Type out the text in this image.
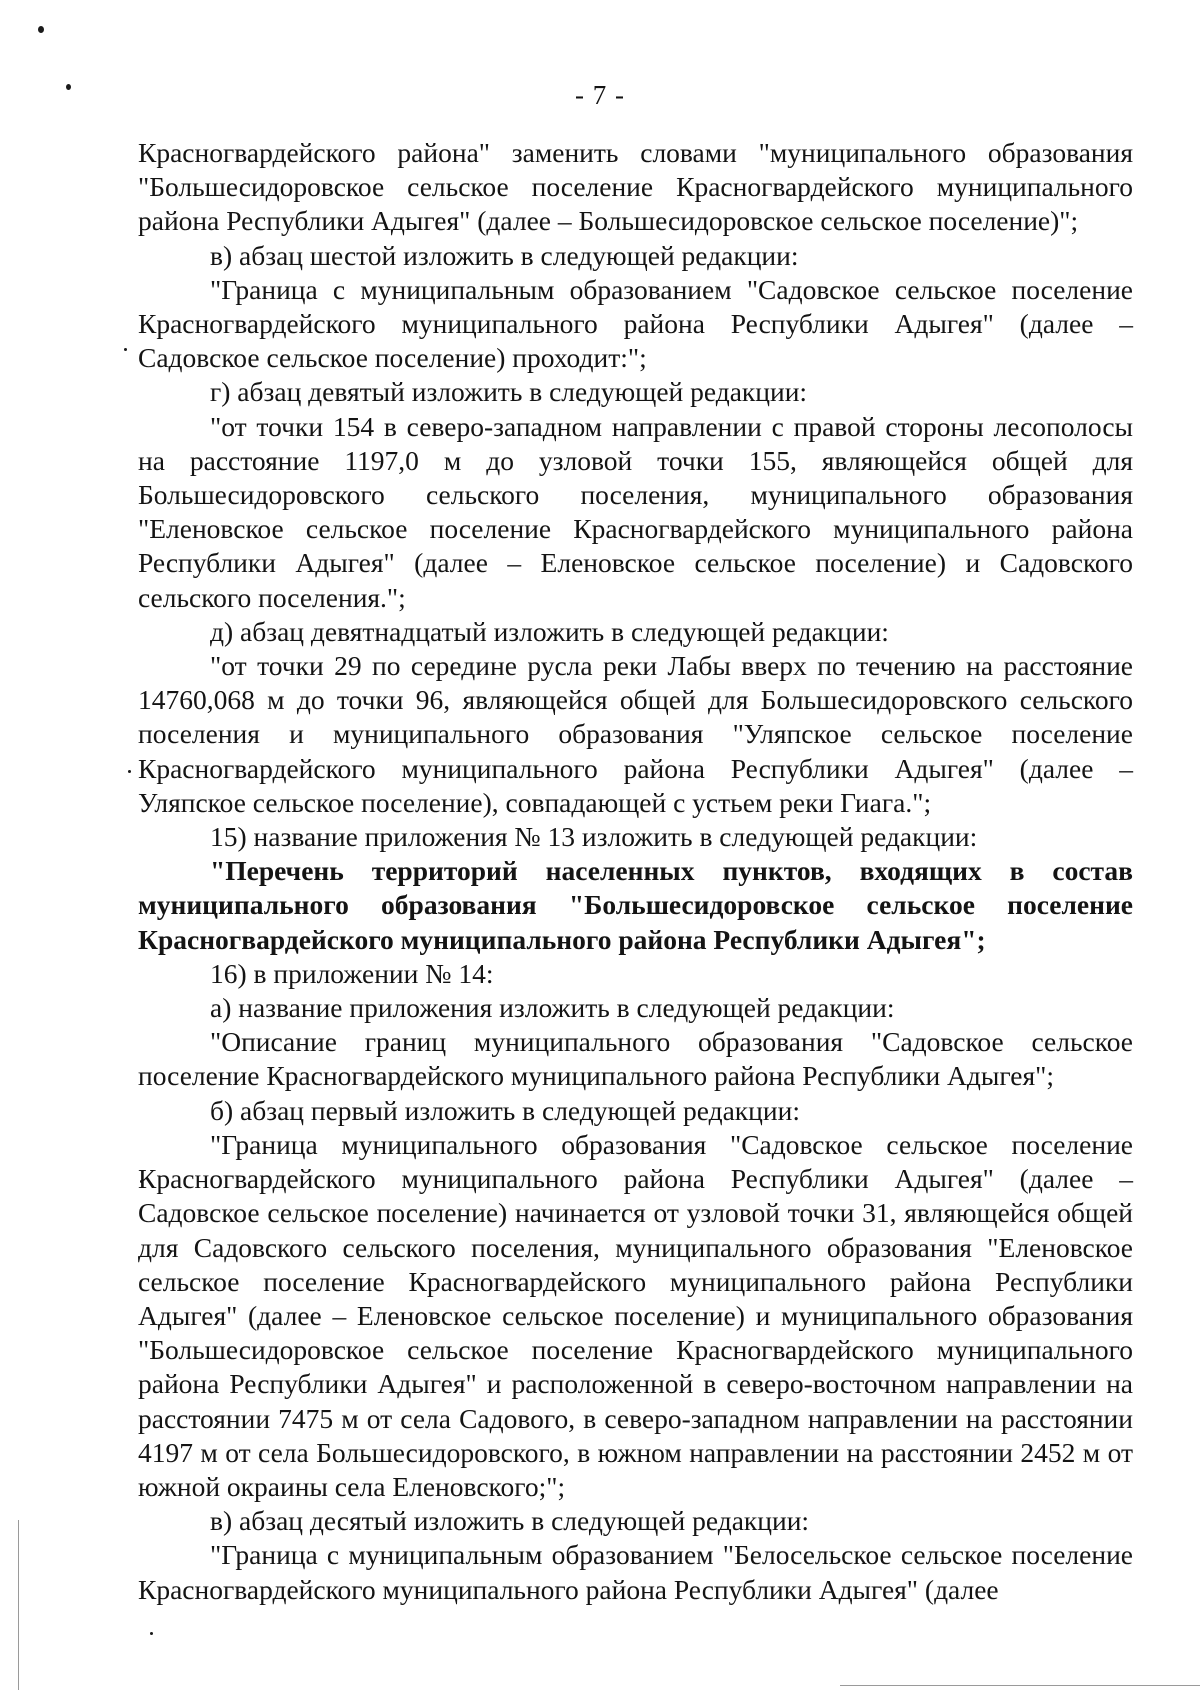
- 7 -

Красногвардейского района" заменить словами "муниципального образования "Большесидоровское сельское поселение Красногвардейского муниципального района Республики Адыгея" (далее – Большесидоровское сельское поселение)";

в) абзац шестой изложить в следующей редакции:

"Граница с муниципальным образованием "Садовское сельское поселение Красногвардейского муниципального района Республики Адыгея" (далее – Садовское сельское поселение) проходит:";

г) абзац девятый изложить в следующей редакции:

"от точки 154 в северо-западном направлении с правой стороны лесополосы на расстояние 1197,0 м до узловой точки 155, являющейся общей для Большесидоровского сельского поселения, муниципального образования "Еленовское сельское поселение Красногвардейского муниципального района Республики Адыгея" (далее – Еленовское сельское поселение) и Садовского сельского поселения.";

д) абзац девятнадцатый изложить в следующей редакции:

"от точки 29 по середине русла реки Лабы вверх по течению на расстояние 14760,068 м до точки 96, являющейся общей для Большесидоровского сельского поселения и муниципального образования "Уляпское сельское поселение Красногвардейского муниципального района Республики Адыгея" (далее – Уляпское сельское поселение), совпадающей с устьем реки Гиага.";

15) название приложения № 13 изложить в следующей редакции:

"Перечень территорий населенных пунктов, входящих в состав муниципального образования "Большесидоровское сельское поселение Красногвардейского муниципального района Республики Адыгея";

16) в приложении № 14:

а) название приложения изложить в следующей редакции:

"Описание границ муниципального образования "Садовское сельское поселение Красногвардейского муниципального района Республики Адыгея";

б) абзац первый изложить в следующей редакции:

"Граница муниципального образования "Садовское сельское поселение Красногвардейского муниципального района Республики Адыгея" (далее – Садовское сельское поселение) начинается от узловой точки 31, являющейся общей для Садовского сельского поселения, муниципального образования "Еленовское сельское поселение Красногвардейского муниципального района Республики Адыгея" (далее – Еленовское сельское поселение) и муниципального образования "Большесидоровское сельское поселение Красногвардейского муниципального района Республики Адыгея" и расположенной в северо-восточном направлении на расстоянии 7475 м от села Садового, в северо-западном направлении на расстоянии 4197 м от села Большесидоровского, в южном направлении на расстоянии 2452 м от южной окраины села Еленовского;";

в) абзац десятый изложить в следующей редакции:

"Граница с муниципальным образованием "Белосельское сельское поселение Красногвардейского муниципального района Республики Адыгея" (далее
